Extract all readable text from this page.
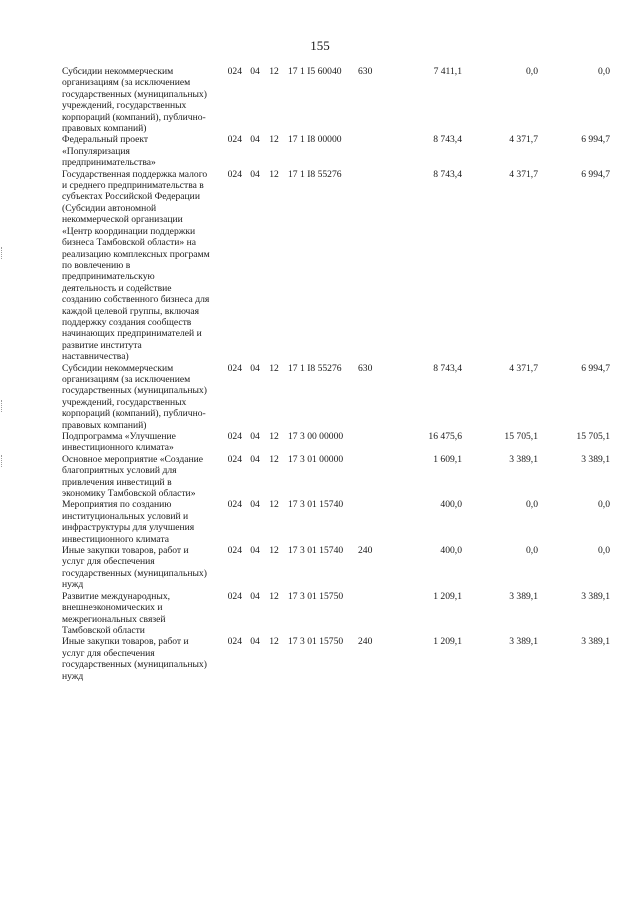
155
Субсидии некоммерческим организациям (за исключением государственных (муниципальных) учреждений, государственных корпораций (компаний), публично-правовых компаний)	024	04	12	17 1 I5 60040	630	7 411,1	0,0	0,0
Федеральный проект «Популяризация предпринимательства»	024	04	12	17 1 I8 00000		8 743,4	4 371,7	6 994,7
Государственная поддержка малого и среднего предпринимательства в субъектах Российской Федерации (Субсидии автономной некоммерческой организации «Центр координации поддержки бизнеса Тамбовской области» на реализацию комплексных программ по вовлечению в предпринимательскую деятельность и содействие созданию собственного бизнеса для каждой целевой группы, включая поддержку создания сообществ начинающих предпринимателей и развитие института наставничества)	024	04	12	17 1 I8 55276		8 743,4	4 371,7	6 994,7
Субсидии некоммерческим организациям (за исключением государственных (муниципальных) учреждений, государственных корпораций (компаний), публично-правовых компаний)	024	04	12	17 1 I8 55276	630	8 743,4	4 371,7	6 994,7
Подпрограмма «Улучшение инвестиционного климата»	024	04	12	17 3 00 00000		16 475,6	15 705,1	15 705,1
Основное мероприятие «Создание благоприятных условий для привлечения инвестиций в экономику Тамбовской области»	024	04	12	17 3 01 00000		1 609,1	3 389,1	3 389,1
Мероприятия по созданию институциональных условий и инфраструктуры для улучшения инвестиционного климата	024	04	12	17 3 01 15740		400,0	0,0	0,0
Иные закупки товаров, работ и услуг для обеспечения государственных (муниципальных) нужд	024	04	12	17 3 01 15740	240	400,0	0,0	0,0
Развитие международных, внешнеэкономических и межрегиональных связей Тамбовской области	024	04	12	17 3 01 15750		1 209,1	3 389,1	3 389,1
Иные закупки товаров, работ и услуг для обеспечения государственных (муниципальных) нужд	024	04	12	17 3 01 15750	240	1 209,1	3 389,1	3 389,1
